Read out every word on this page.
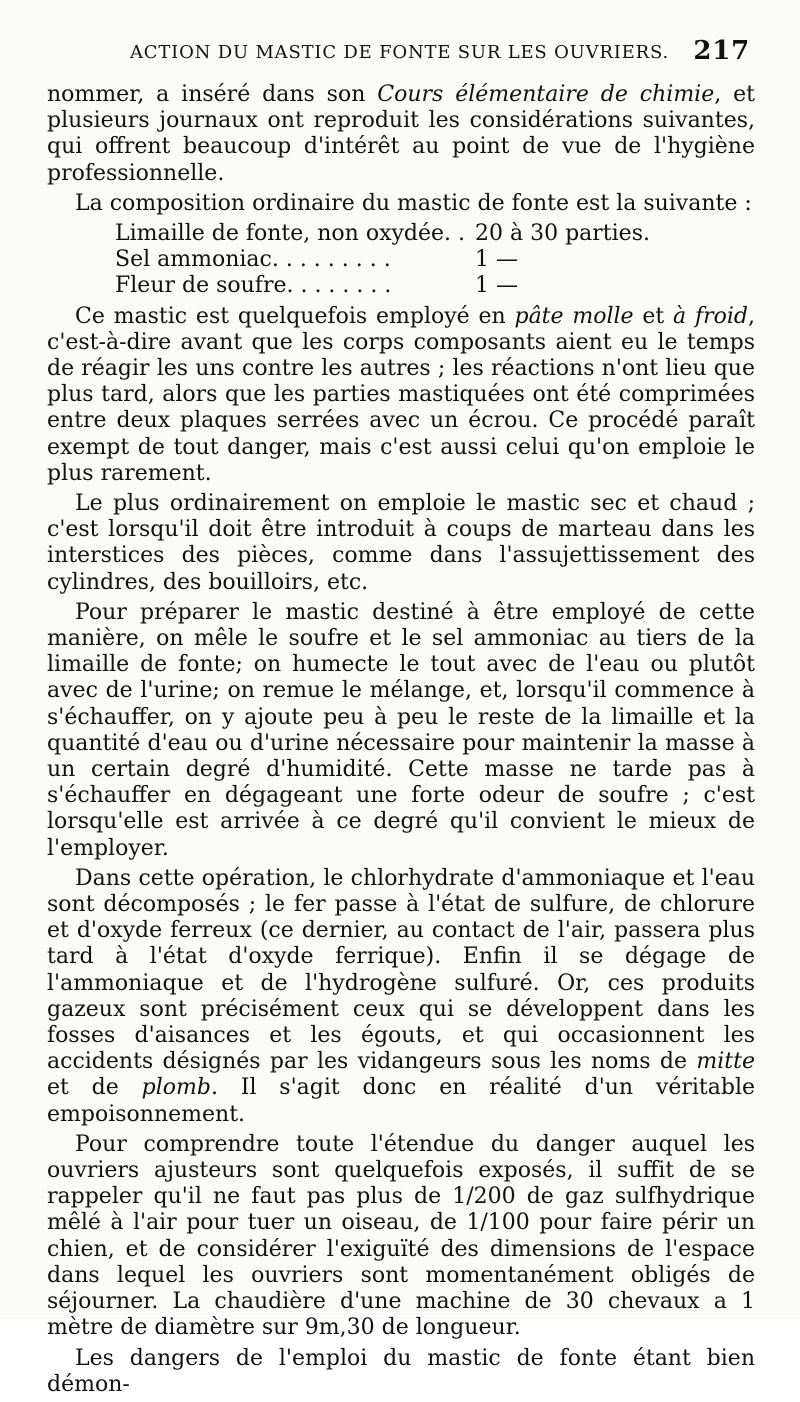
ACTION DU MASTIC DE FONTE SUR LES OUVRIERS. 217

nommer, a inséré dans son Cours élémentaire de chimie, et plusieurs journaux ont reproduit les considérations suivantes, qui offrent beaucoup d'intérêt au point de vue de l'hygiène professionnelle.

La composition ordinaire du mastic de fonte est la suivante :

Limaille de fonte, non oxydée. . 20 à 30 parties.
Sel ammoniac. . . . . . . . .	1 —
Fleur de soufre. . . . . . . .	1 —

Ce mastic est quelquefois employé en pâte molle et à froid, c'est-à-dire avant que les corps composants aient eu le temps de réagir les uns contre les autres ; les réactions n'ont lieu que plus tard, alors que les parties mastiquées ont été comprimées entre deux plaques serrées avec un écrou. Ce procédé paraît exempt de tout danger, mais c'est aussi celui qu'on emploie le plus rarement.

Le plus ordinairement on emploie le mastic sec et chaud ; c'est lorsqu'il doit être introduit à coups de marteau dans les interstices des pièces, comme dans l'assujettissement des cylindres, des bouilloirs, etc.

Pour préparer le mastic destiné à être employé de cette manière, on mêle le soufre et le sel ammoniac au tiers de la limaille de fonte; on humecte le tout avec de l'eau ou plutôt avec de l'urine; on remue le mélange, et, lorsqu'il commence à s'échauffer, on y ajoute peu à peu le reste de la limaille et la quantité d'eau ou d'urine nécessaire pour maintenir la masse à un certain degré d'humidité. Cette masse ne tarde pas à s'échauffer en dégageant une forte odeur de soufre ; c'est lorsqu'elle est arrivée à ce degré qu'il convient le mieux de l'employer.

Dans cette opération, le chlorhydrate d'ammoniaque et l'eau sont décomposés ; le fer passe à l'état de sulfure, de chlorure et d'oxyde ferreux (ce dernier, au contact de l'air, passera plus tard à l'état d'oxyde ferrique). Enfin il se dégage de l'ammoniaque et de l'hydrogène sulfuré. Or, ces produits gazeux sont précisément ceux qui se développent dans les fosses d'aisances et les égouts, et qui occasionnent les accidents désignés par les vidangeurs sous les noms de mitte et de plomb. Il s'agit donc en réalité d'un véritable empoisonnement.

Pour comprendre toute l'étendue du danger auquel les ouvriers ajusteurs sont quelquefois exposés, il suffit de se rappeler qu'il ne faut pas plus de 1/200 de gaz sulfhydrique mêlé à l'air pour tuer un oiseau, de 1/100 pour faire périr un chien, et de considérer l'exiguïté des dimensions de l'espace dans lequel les ouvriers sont momentanément obligés de séjourner. La chaudière d'une machine de 30 chevaux a 1 mètre de diamètre sur 9m,30 de longueur.

Les dangers de l'emploi du mastic de fonte étant bien démon-
